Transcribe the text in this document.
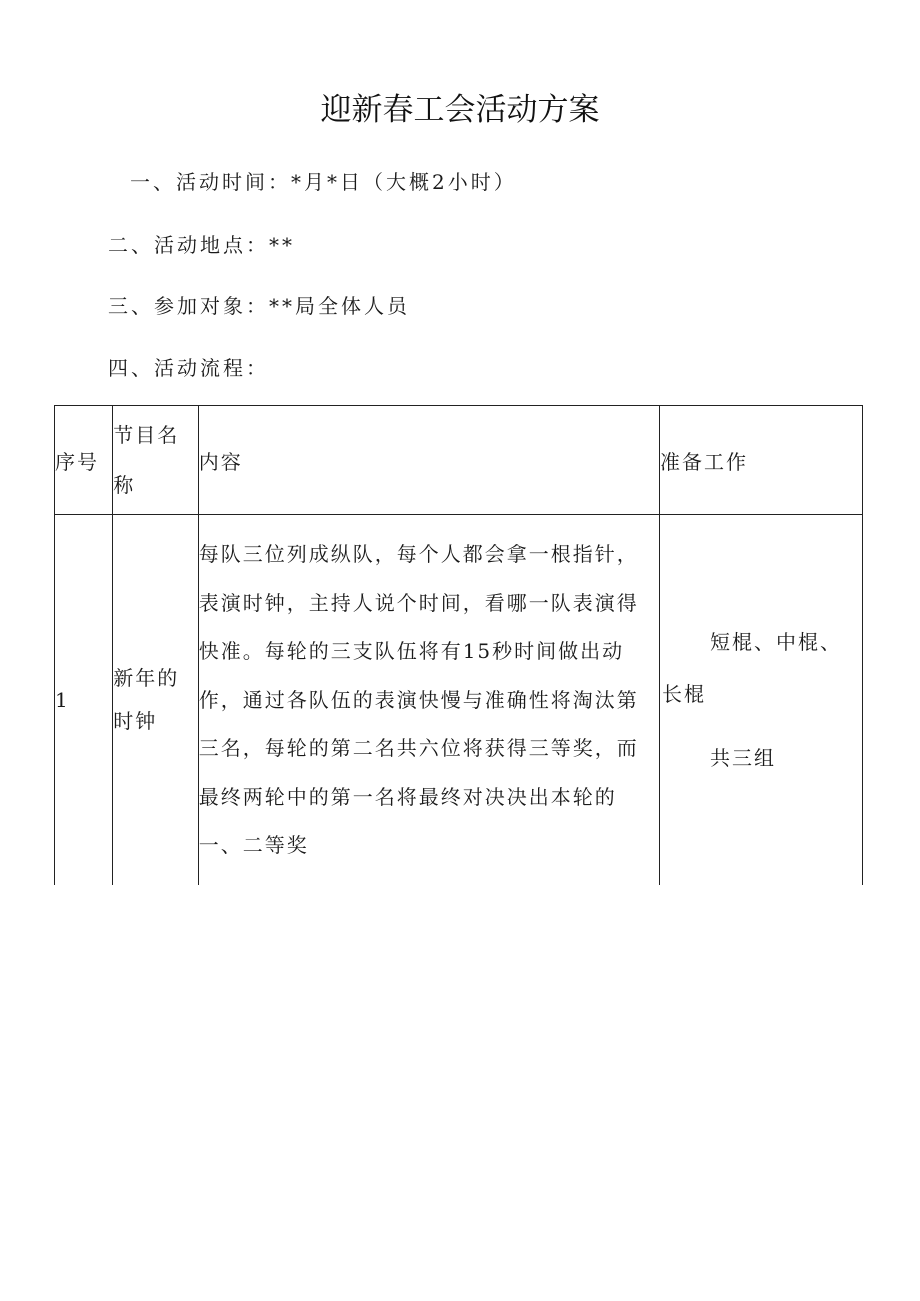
迎新春工会活动方案
一、活动时间：*月*日（大概2小时）
二、活动地点：**
三、参加对象：**局全体人员
四、活动流程：
序号	节目名称	内容	准备工作

1	新年的时钟	每队三位列成纵队，每个人都会拿一根指针，表演时钟，主持人说个时间，看哪一队表演得快准。每轮的三支队伍将有15秒时间做出动作，通过各队伍的表演快慢与准确性将淘汰第三名，每轮的第二名共六位将获得三等奖，而最终两轮中的第一名将最终对决决出本轮的一、二等奖	短棍、中棍、
长棍
共三组
